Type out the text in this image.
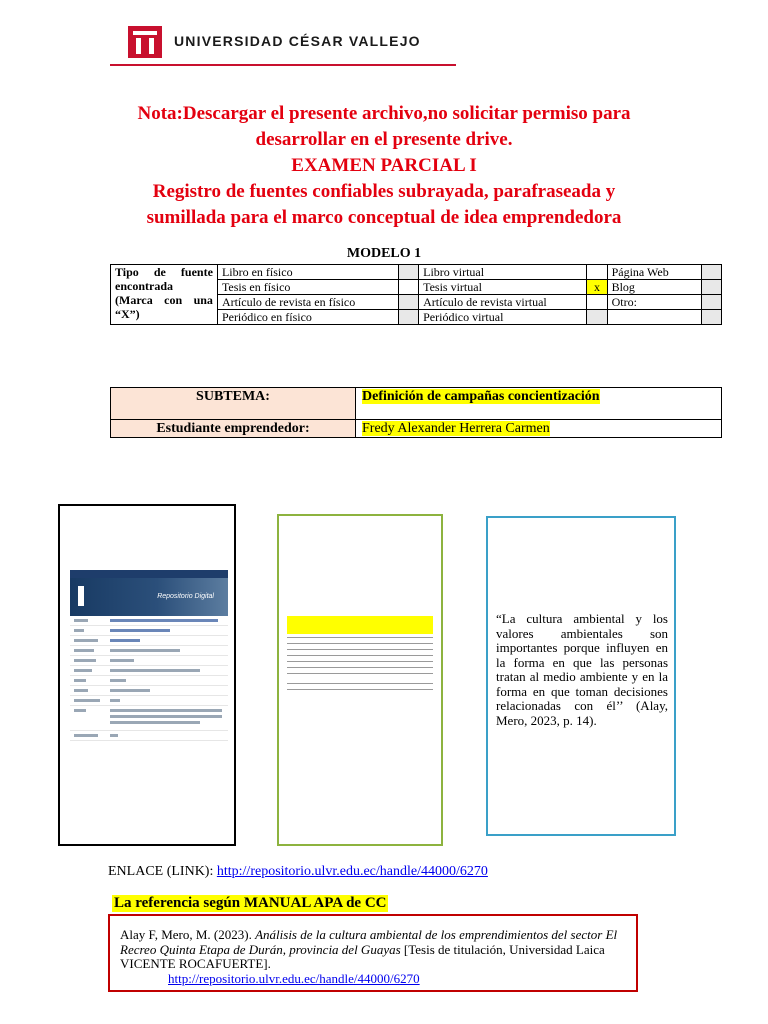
UNIVERSIDAD CÉSAR VALLEJO
Nota:Descargar el presente archivo,no solicitar permiso para
desarrollar en el presente drive.
EXAMEN PARCIAL I
Registro de fuentes confiables subrayada, parafraseada y
sumillada para el marco conceptual de idea emprendedora
MODELO 1
Tipo de fuente encontrada (Marca con una “X”)	Libro en físico		Libro virtual		Página Web	
	Tesis en físico		Tesis virtual	x	Blog	
	Artículo de revista en físico		Artículo de revista virtual		Otro:	
	Periódico en físico		Periódico virtual			
SUBTEMA:	Definición de campañas concientización
Estudiante emprendedor:	Fredy Alexander Herrera Carmen
Repositorio Digital
“La cultura ambiental y los valores ambientales son importantes porque influyen en la forma en que las personas tratan al medio ambiente y en la forma en que toman decisiones relacionadas con él’’ (Alay, Mero, 2023, p. 14).
ENLACE (LINK): http://repositorio.ulvr.edu.ec/handle/44000/6270
La referencia según MANUAL APA de CC
Alay F, Mero, M. (2023). Análisis de la cultura ambiental de los emprendimientos del sector El Recreo Quinta Etapa de Durán, provincia del Guayas [Tesis de titulación, Universidad Laica VICENTE ROCAFUERTE].
http://repositorio.ulvr.edu.ec/handle/44000/6270
